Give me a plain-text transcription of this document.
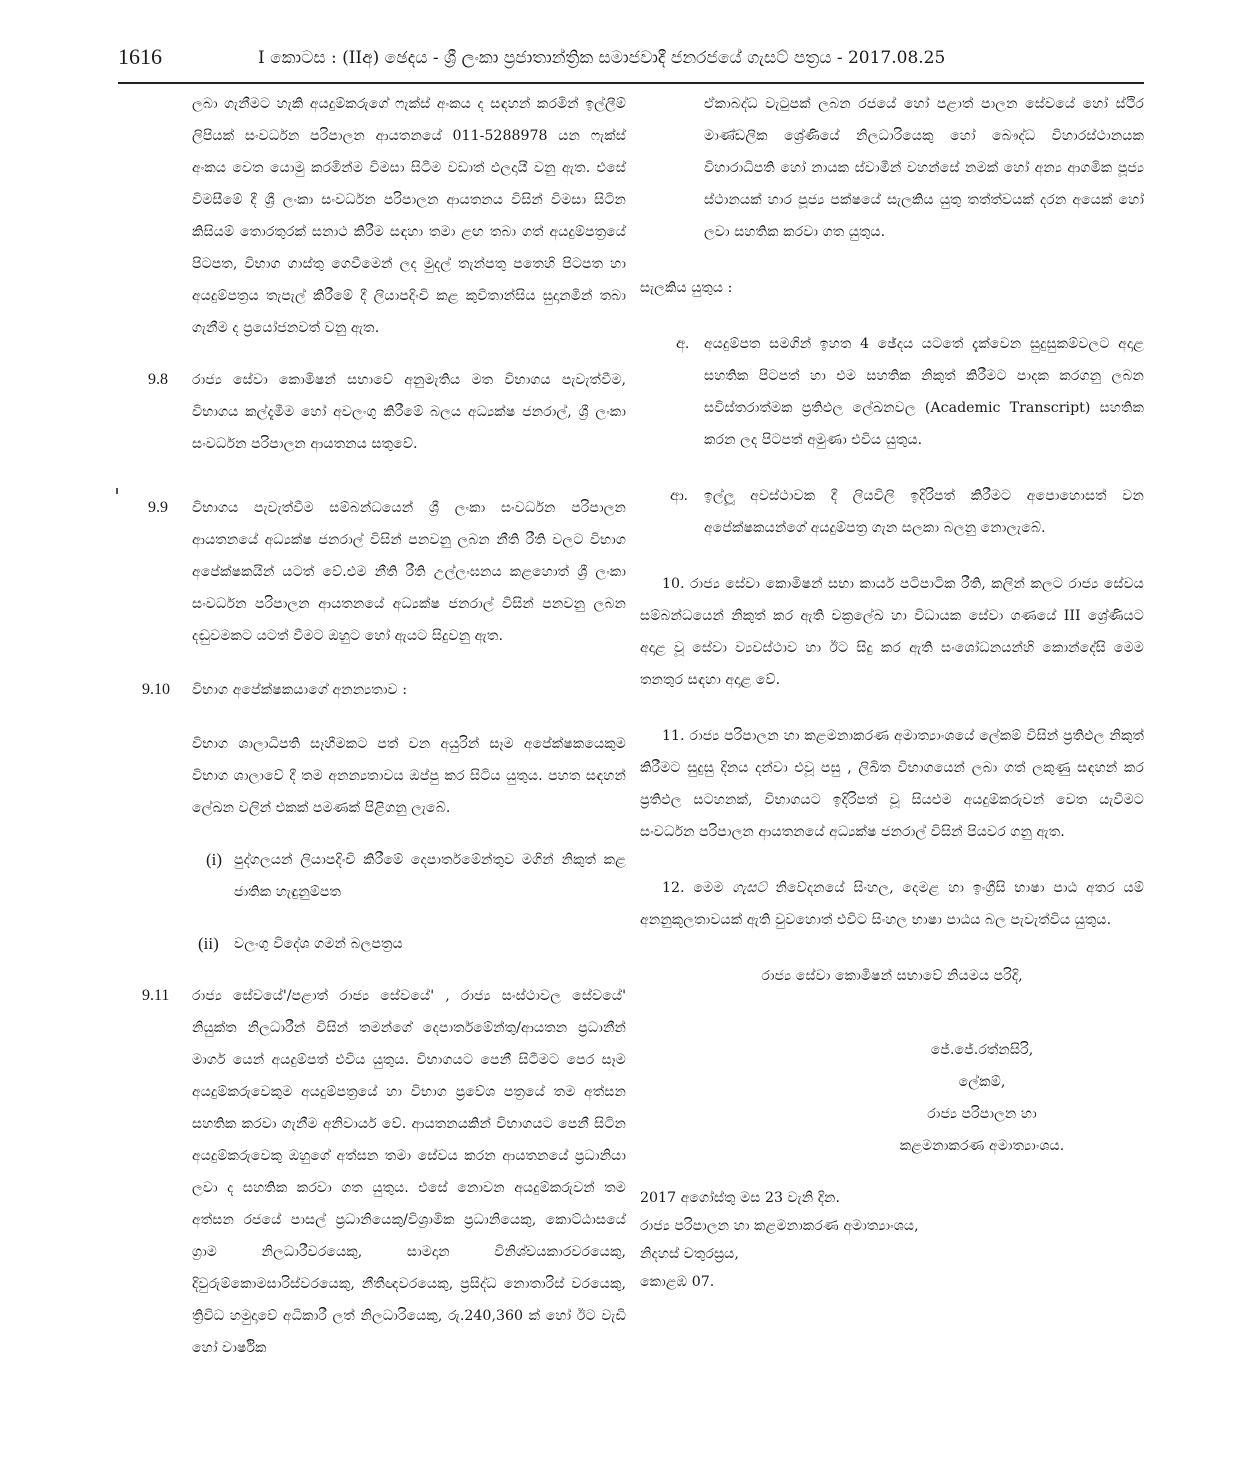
1616	I කොටස : (IIඅ) ඡෙදය - ශ්‍රී ලංකා ප්‍රජාතාන්ත්‍රික සමාජවාදී ජනරජයේ ගැසට් පත්‍රය - 2017.08.25

ලබා ගැනීමට හැකි අයදුම්කරුගේ ෆැක්ස් අංකය ද සඳහන් කරමින් ඉල්ලීම් ලිපියක් සංවර්ධන පරිපාලන ආයතනයේ 011-5288978 යන ෆැක්ස් අංකය වෙත යොමු කරමින්ම විමසා සිටීම වඩාත් ඵලදායී වනු ඇත. එසේ විමසීමේ දී ශ්‍රී ලංකා සංවර්ධන පරිපාලන ආයතනය විසින් විමසා සිටින කිසියම් තොරතුරක් සනාථ කිරීම සඳහා තමා ළඟ තබා ගත් අයදුම්පත්‍රයේ පිටපත, විභාග ගාස්තු ගෙවීමෙන් ලද මුදල් තැන්පතු පතෙහි පිටපත හා අයදුම්පත්‍රය තැපැල් කිරීමේ දී ලියාපදිංචි කළ කුවිතාන්සිය සුදානමින් තබා ගැනීම ද ප්‍රයෝජනවත් වනු ඇත.

9.8	රාජ්‍ය සේවා කොමිෂන් සභාවේ අනුමැතිය මත විභාගය පැවැත්වීම, විභාගය කල්දැමීම හෝ අවලංගු කිරීමේ බලය අධ්‍යක්ෂ ජනරාල්, ශ්‍රී ලංකා සංවර්ධන පරිපාලන ආයතනය සතුවේ.

9.9	විභාගය පැවැත්වීම සම්බන්ධයෙන් ශ්‍රී ලංකා සංවර්ධන පරිපාලන ආයතනයේ අධ්‍යක්ෂ ජනරාල් විසින් පනවනු ලබන නීති රීති වලට විභාග අපේක්ෂකයින් යටත් වේ.එම නීති රීති උල්ලංඝනය කළහොත් ශ්‍රී ලංකා සංවර්ධන පරිපාලන ආයතනයේ අධ්‍යක්ෂ ජනරාල් විසින් පනවනු ලබන දඬුවමකට යටත් වීමට ඔහුට හෝ ඇයට සිදුවනු ඇත.

9.10	විභාග අපේක්ෂකයාගේ අනන්‍යතාව :

විභාග ශාලාධිපති සෑහීමකට පත් වන අයුරින් සෑම අපේක්ෂකයෙකුම විභාග ශාලාවේ දී තම අනන්‍යතාවය ඔප්පු කර සිටිය යුතුය. පහත සඳහන් ලේඛන වලින් එකක් පමණක් පිළිගනු ලැබේ.

(i) පුද්ගලයන් ලියාපදිංචි කිරීමේ දෙපාර්තමේන්තුව මගින් නිකුත් කළ ජාතික හැඳුනුම්පත

(ii)	වලංගු විදේශ ගමන් බලපත්‍රය

9.11	රාජ්‍ය සේවයේ'/පළාත් රාජ්‍ය සේවයේ' , රාජ්‍ය සංස්ථාවල සේවයේ' නියුක්ත නිලධාරීන් විසින් තමන්ගේ දෙපාර්තමේන්තු/ආයතන ප්‍රධානීන් මාර්ග යෙන් අයදුම්පත් එවිය යුතුය. විභාගයට පෙනී සිටීමට පෙර සෑම අයදුම්කරුවෙකුම අයදුම්පත්‍රයේ හා විභාග ප්‍රවේශ පත්‍රයේ තම අත්සන සහතික කරවා ගැනීම අනිවාර්ය වේ. ආයතනයකින් විභාගයට පෙනී සිටින අයදුම්කරුවෙකු ඔහුගේ අත්සන තමා සේවය කරන ආයතනයේ ප්‍රධානියා ලවා ද සහතික කරවා ගත යුතුය. එසේ නොවන අයදුම්කරුවන් තම අත්සන රජයේ පාසල් ප්‍රධානියෙකු/විශ්‍රාමික ප්‍රධානියෙකු, කොට්ඨාසයේ ග්‍රාම නිලධාරීවරයෙකු, සාමදාන විනිශ්චයකාරවරයෙකු, දිවුරුම්කොමසාරිස්වරයෙකු, නීතීඥවරයෙකු, ප්‍රසිද්ධ නොතාරිස් වරයෙකු, ත්‍රිවිධ හමුදාවේ අධිකාරී ලත් නිලධාරියෙකු, රු.240,360 ක් හෝ ඊට වැඩි හෝ වාර්ෂික

ඒකාබද්ධ වැටුපක් ලබන රජයේ හෝ පළාත් පාලන සේවයේ හෝ ස්ථිර මාණ්ඩලික ශ්‍රේණියේ නිලධාරියෙකු හෝ බෞද්ධ විහාරස්ථානයක විහාරාධිපති හෝ නායක ස්වාමීන් වහන්සේ නමක් හෝ අන්‍ය ආගමික පූජ්‍ය ස්ථානයක් හාර පූජ්‍ය පක්ෂයේ සැලකිය යුතු තත්ත්වයක් දරන අයෙක් හෝ ලවා සහතික කරවා ගත යුතුය.

සැලකිය යුතුය :

අ.	අයදුම්පත සමගින් ඉහත 4 ඡේදය යටතේ දැක්වෙන සුදුසුකම්වලට අදාළ සහතික පිටපත් හා එම සහතික නිකුත් කිරීමට පාදක කරගනු ලබන සවිස්තරාත්මක ප්‍රතිඵල ලේඛනවල (Academic Transcript) සහතික කරන ලද පිටපත් අමුණා එවිය යුතුය.

ආ.	ඉල්ලූ අවස්ථාවක දී ලියවිලි ඉදිරිපත් කිරීමට අපොහොසත් වන අපේක්ෂකයන්ගේ අයදුම්පත්‍ර ගැන සලකා බලනු නොලැබේ.

10. රාජ්‍ය සේවා කොමිෂන් සභා කාර්ය පටිපාටික රීති, කලින් කලට රාජ්‍ය සේවය සම්බන්ධයෙන් නිකුත් කර ඇති චක්‍රලේඛ හා විධායක සේවා ගණයේ III ශ්‍රේණියට අදාළ වූ සේවා ව්‍යවස්ථාව හා ඊට සිදු කර ඇති සංශෝධනයන්හි කොන්දේසි මෙම තනතුර සඳහා අදාළ වේ.

11. රාජ්‍ය පරිපාලන හා කළමනාකරණ අමාත්‍යාංශයේ ලේකම් විසින් ප්‍රතිඵල නිකුත් කිරීමට සුදුසු දිනය දන්වා එවූ පසු , ලිඛිත විභාගයෙන් ලබා ගත් ලකුණු සඳහන් කර ප්‍රතිඵල සටහනක්, විභාගයට ඉදිරිපත් වූ සියළුම අයදුම්කරුවන් වෙත යැවීමට සංවර්ධන පරිපාලන ආයතනයේ අධ්‍යක්ෂ ජනරාල් විසින් පියවර ගනු ඇත.

12. මෙම ගැසට් නිවේදනයේ සිංහල, දෙමළ හා ඉංග්‍රීසි භාෂා පාඨ අතර යම් අනනුකූලතාවයක් ඇති වුවහොත් එවිට සිංහල භාෂා පාඨය බල පැවැත්විය යුතුය.

රාජ්‍ය සේවා කොමිෂන් සභාවේ නියමය පරිදි,

ජේ.ජේ.රත්නසිරි,

ලේකම්,

රාජ්‍ය පරිපාලන හා

කළමනාකරණ අමාත්‍යාංශය.

2017 අගෝස්තු මස 23 වැනි දින.

රාජ්‍ය පරිපාලන හා කළමනාකරණ අමාත්‍යාංශය,

නිදහස් චතුරස්‍රය,

කොළඹ 07.
